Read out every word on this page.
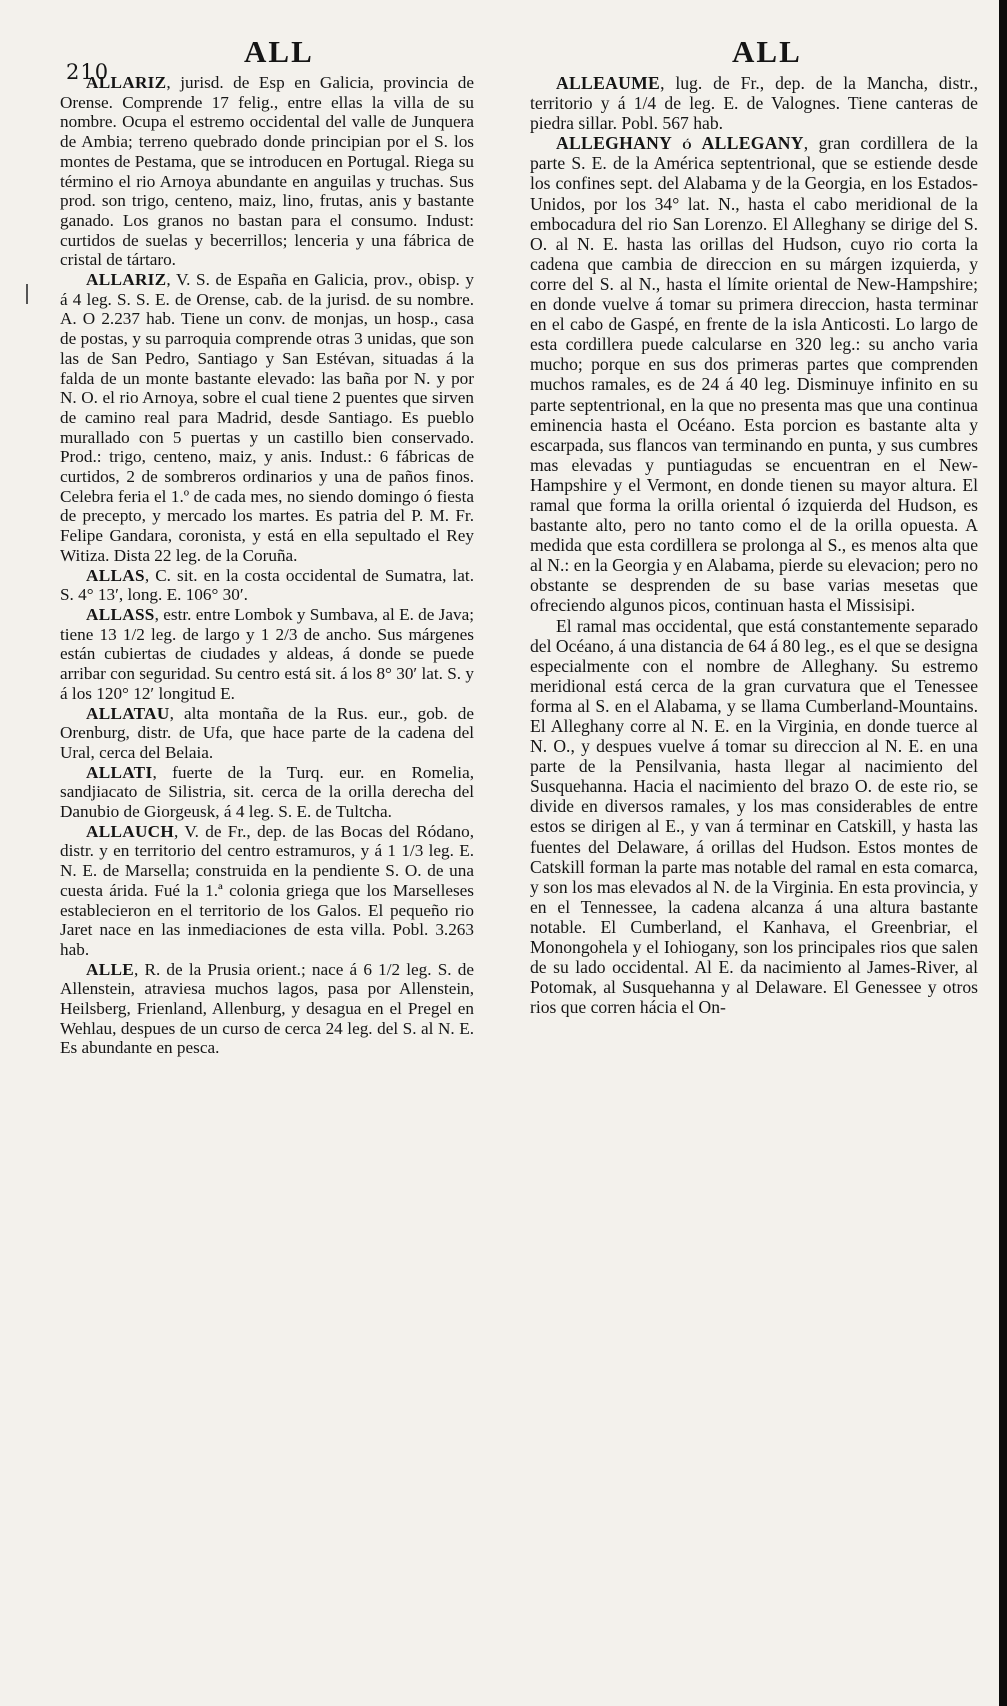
210
ALL	ALL

ALLARIZ, jurisd. de Esp en Galicia, provincia de Orense. Comprende 17 felig., entre ellas la villa de su nombre. Ocupa el estremo occidental del valle de Junquera de Ambia; terreno quebrado donde principian por el S. los montes de Pestama, que se introducen en Portugal. Riega su término el rio Arnoya abundante en anguilas y truchas. Sus prod. son trigo, centeno, maiz, lino, frutas, anis y bastante ganado. Los granos no bastan para el consumo. Indust: curtidos de suelas y becerrillos; lenceria y una fábrica de cristal de tártaro.

ALLARIZ, V. S. de España en Galicia, prov., obisp. y á 4 leg. S. S. E. de Orense, cab. de la jurisd. de su nombre. A. O 2.237 hab. Tiene un conv. de monjas, un hosp., casa de postas, y su parroquia comprende otras 3 unidas, que son las de San Pedro, Santiago y San Estévan, situadas á la falda de un monte bastante elevado: las baña por N. y por N. O. el rio Arnoya, sobre el cual tiene 2 puentes que sirven de camino real para Madrid, desde Santiago. Es pueblo murallado con 5 puertas y un castillo bien conservado. Prod.: trigo, centeno, maiz, y anis. Indust.: 6 fábricas de curtidos, 2 de sombreros ordinarios y una de paños finos. Celebra feria el 1.º de cada mes, no siendo domingo ó fiesta de precepto, y mercado los martes. Es patria del P. M. Fr. Felipe Gandara, coronista, y está en ella sepultado el Rey Witiza. Dista 22 leg. de la Coruña.

ALLAS, C. sit. en la costa occidental de Sumatra, lat. S. 4° 13′, long. E. 106° 30′.

ALLASS, estr. entre Lombok y Sumbava, al E. de Java; tiene 13 1/2 leg. de largo y 1 2/3 de ancho. Sus márgenes están cubiertas de ciudades y aldeas, á donde se puede arribar con seguridad. Su centro está sit. á los 8° 30′ lat. S. y á los 120° 12′ longitud E.

ALLATAU, alta montaña de la Rus. eur., gob. de Orenburg, distr. de Ufa, que hace parte de la cadena del Ural, cerca del Belaia.

ALLATI, fuerte de la Turq. eur. en Romelia, sandjiacato de Silistria, sit. cerca de la orilla derecha del Danubio de Giorgeusk, á 4 leg. S. E. de Tultcha.

ALLAUCH, V. de Fr., dep. de las Bocas del Ródano, distr. y en territorio del centro estramuros, y á 1 1/3 leg. E. N. E. de Marsella; construida en la pendiente S. O. de una cuesta árida. Fué la 1.ª colonia griega que los Marselleses establecieron en el territorio de los Galos. El pequeño rio Jaret nace en las inmediaciones de esta villa. Pobl. 3.263 hab.

ALLE, R. de la Prusia orient.; nace á 6 1/2 leg. S. de Allenstein, atraviesa muchos lagos, pasa por Allenstein, Heilsberg, Frienland, Allenburg, y desagua en el Pregel en Wehlau, despues de un curso de cerca 24 leg. del S. al N. E. Es abundante en pesca.

ALLEAUME, lug. de Fr., dep. de la Mancha, distr., territorio y á 1/4 de leg. E. de Valognes. Tiene canteras de piedra sillar. Pobl. 567 hab.

ALLEGHANY ó ALLEGANY, gran cordillera de la parte S. E. de la América septentrional, que se estiende desde los confines sept. del Alabama y de la Georgia, en los Estados-Unidos, por los 34° lat. N., hasta el cabo meridional de la embocadura del rio San Lorenzo. El Alleghany se dirige del S. O. al N. E. hasta las orillas del Hudson, cuyo rio corta la cadena que cambia de direccion en su márgen izquierda, y corre del S. al N., hasta el límite oriental de New-Hampshire; en donde vuelve á tomar su primera direccion, hasta terminar en el cabo de Gaspé, en frente de la isla Anticosti. Lo largo de esta cordillera puede calcularse en 320 leg.: su ancho varia mucho; porque en sus dos primeras partes que comprenden muchos ramales, es de 24 á 40 leg. Disminuye infinito en su parte septentrional, en la que no presenta mas que una continua eminencia hasta el Océano. Esta porcion es bastante alta y escarpada, sus flancos van terminando en punta, y sus cumbres mas elevadas y puntiagudas se encuentran en el New-Hampshire y el Vermont, en donde tienen su mayor altura. El ramal que forma la orilla oriental ó izquierda del Hudson, es bastante alto, pero no tanto como el de la orilla opuesta. A medida que esta cordillera se prolonga al S., es menos alta que al N.: en la Georgia y en Alabama, pierde su elevacion; pero no obstante se desprenden de su base varias mesetas que ofreciendo algunos picos, continuan hasta el Missisipi.

El ramal mas occidental, que está constantemente separado del Océano, á una distancia de 64 á 80 leg., es el que se designa especialmente con el nombre de Alleghany. Su estremo meridional está cerca de la gran curvatura que el Tenessee forma al S. en el Alabama, y se llama Cumberland-Mountains. El Alleghany corre al N. E. en la Virginia, en donde tuerce al N. O., y despues vuelve á tomar su direccion al N. E. en una parte de la Pensilvania, hasta llegar al nacimiento del Susquehanna. Hacia el nacimiento del brazo O. de este rio, se divide en diversos ramales, y los mas considerables de entre estos se dirigen al E., y van á terminar en Catskill, y hasta las fuentes del Delaware, á orillas del Hudson. Estos montes de Catskill forman la parte mas notable del ramal en esta comarca, y son los mas elevados al N. de la Virginia. En esta provincia, y en el Tennessee, la cadena alcanza á una altura bastante notable. El Cumberland, el Kanhava, el Greenbriar, el Monongohela y el Iohiogany, son los principales rios que salen de su lado occidental. Al E. da nacimiento al James-River, al Potomak, al Susquehanna y al Delaware. El Genessee y otros rios que corren hácia el On-
